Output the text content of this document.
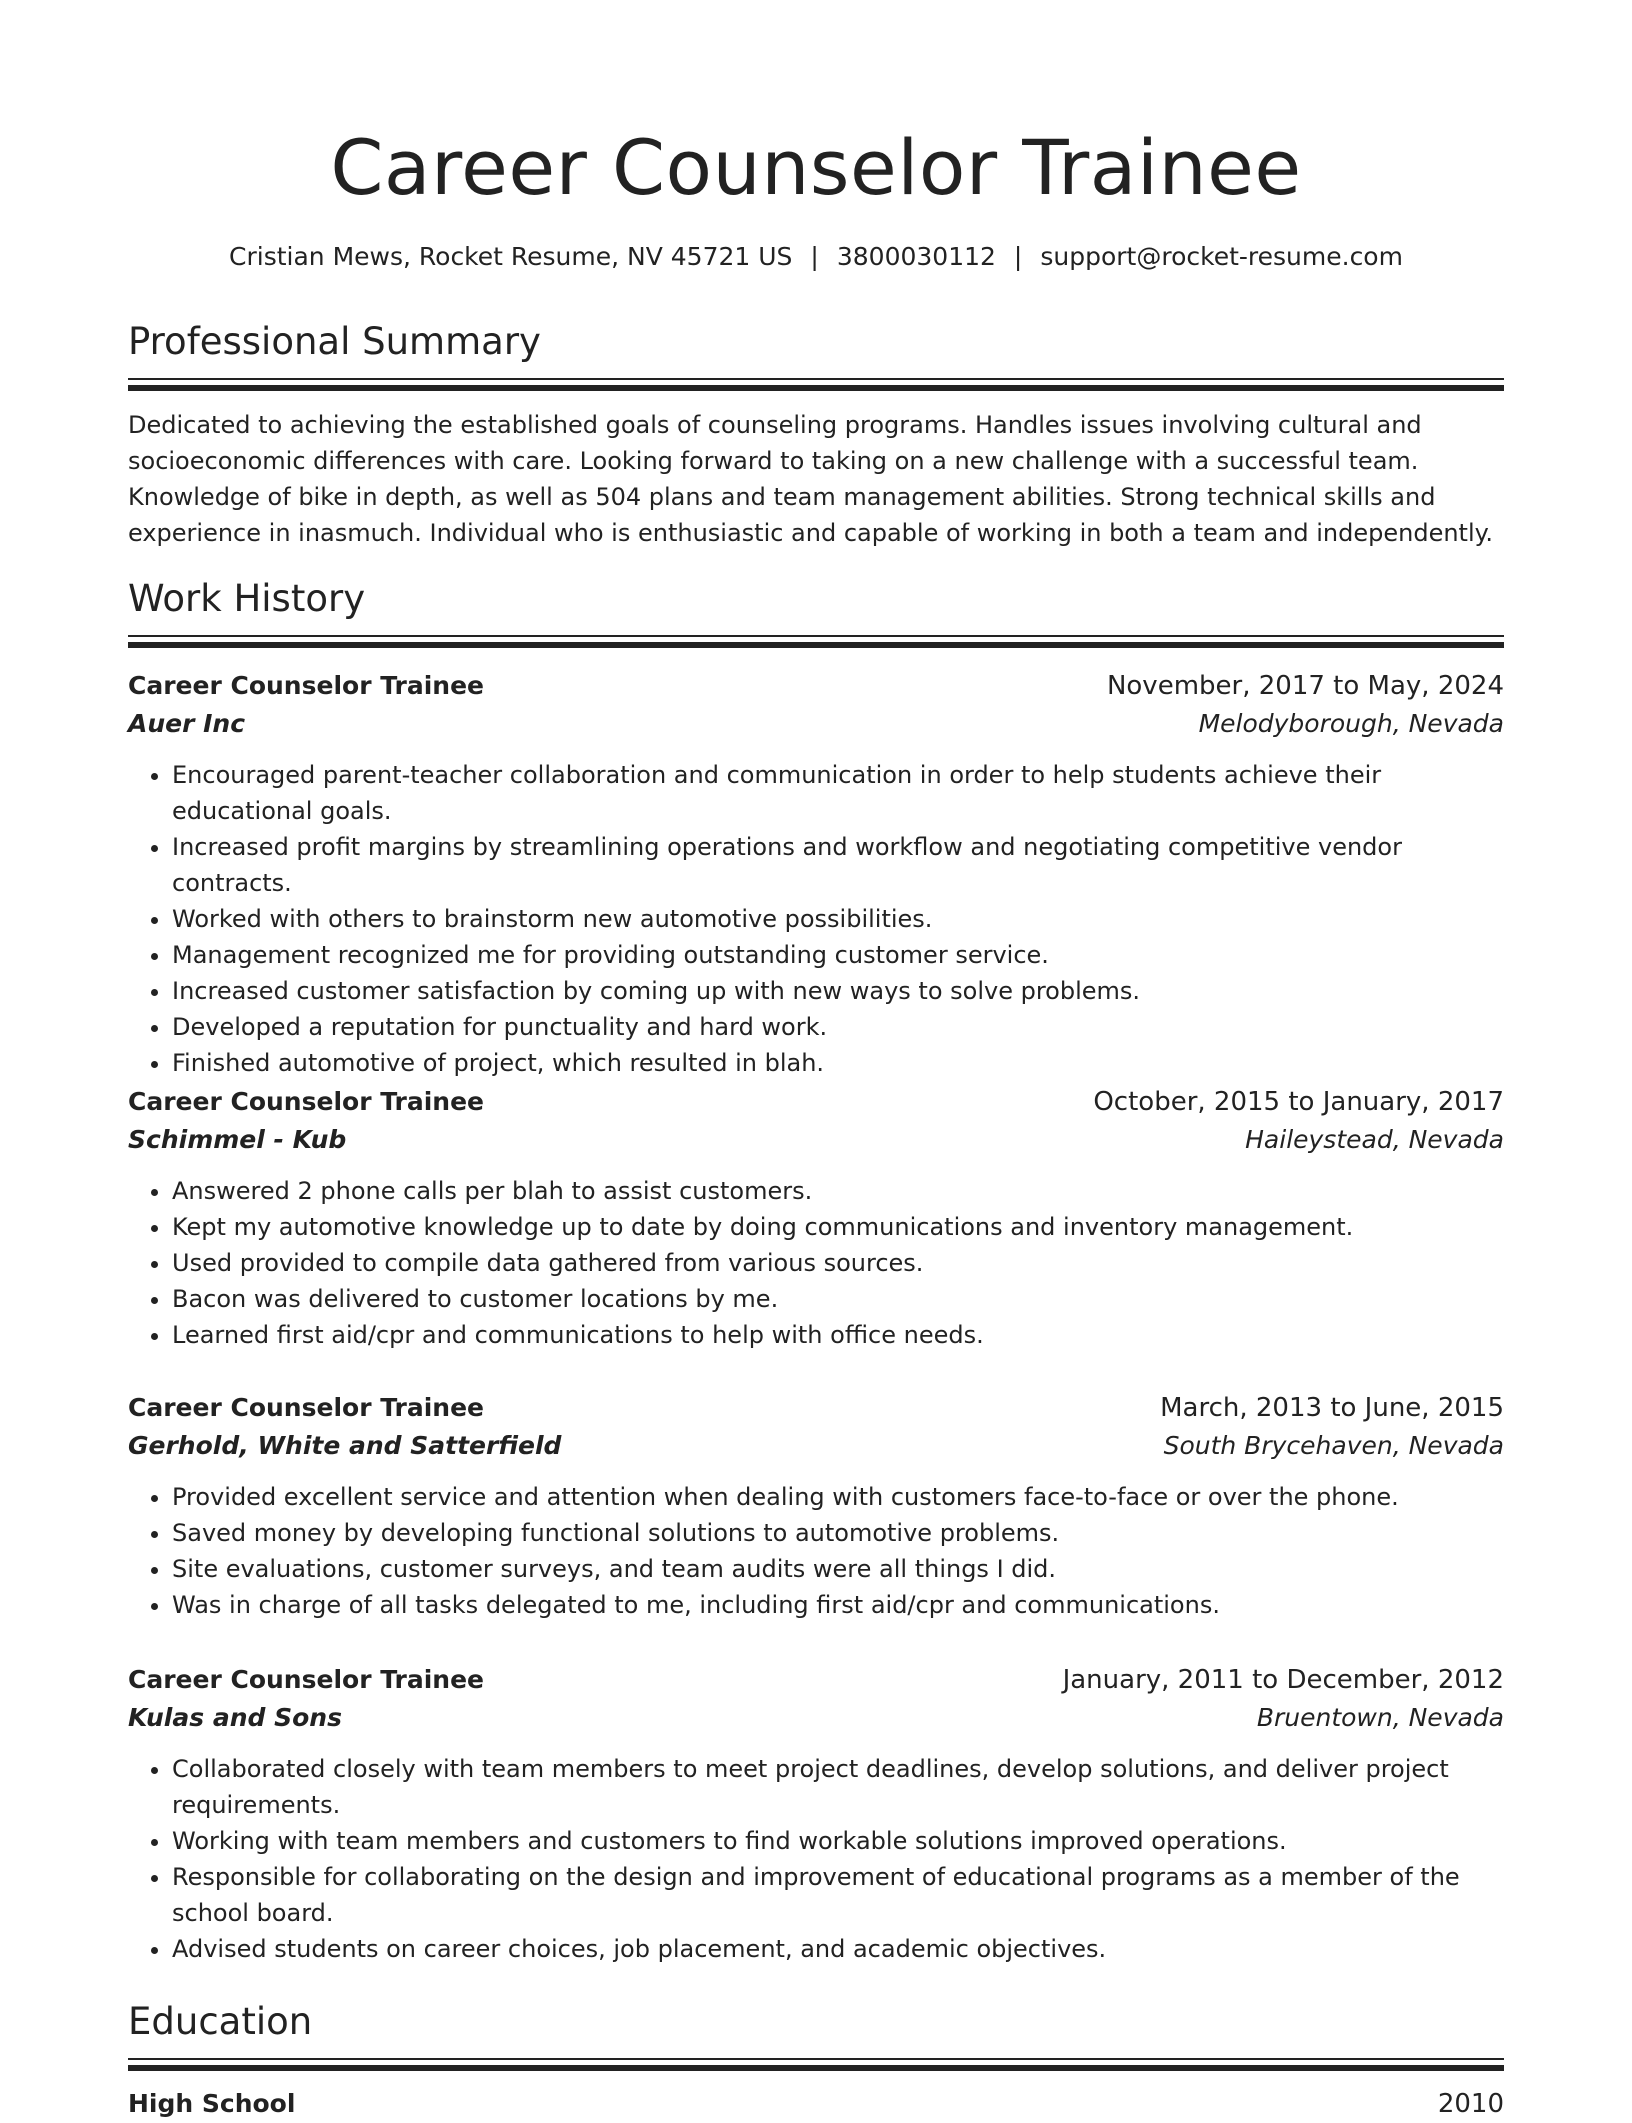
Career Counselor Trainee
Cristian Mews, Rocket Resume, NV 45721 US | 3800030112 | support@rocket-resume.com
Professional Summary

Dedicated to achieving the established goals of counseling programs. Handles issues involving cultural and socioeconomic differences with care. Looking forward to taking on a new challenge with a successful team. Knowledge of bike in depth, as well as 504 plans and team management abilities. Strong technical skills and experience in inasmuch. Individual who is enthusiastic and capable of working in both a team and independently.

Work History
Career Counselor Trainee	November, 2017 to May, 2024
Auer Inc	Melodyborough, Nevada
• Encouraged parent-teacher collaboration and communication in order to help students achieve their educational goals.
• Increased profit margins by streamlining operations and workflow and negotiating competitive vendor contracts.
• Worked with others to brainstorm new automotive possibilities.
• Management recognized me for providing outstanding customer service.
• Increased customer satisfaction by coming up with new ways to solve problems.
• Developed a reputation for punctuality and hard work.
• Finished automotive of project, which resulted in blah.
Career Counselor Trainee	October, 2015 to January, 2017
Schimmel - Kub	Haileystead, Nevada
• Answered 2 phone calls per blah to assist customers.
• Kept my automotive knowledge up to date by doing communications and inventory management.
• Used provided to compile data gathered from various sources.
• Bacon was delivered to customer locations by me.
• Learned first aid/cpr and communications to help with office needs.
Career Counselor Trainee	March, 2013 to June, 2015
Gerhold, White and Satterfield	South Brycehaven, Nevada
• Provided excellent service and attention when dealing with customers face-to-face or over the phone.
• Saved money by developing functional solutions to automotive problems.
• Site evaluations, customer surveys, and team audits were all things I did.
• Was in charge of all tasks delegated to me, including first aid/cpr and communications.
Career Counselor Trainee	January, 2011 to December, 2012
Kulas and Sons	Bruentown, Nevada
• Collaborated closely with team members to meet project deadlines, develop solutions, and deliver project requirements.
• Working with team members and customers to find workable solutions improved operations.
• Responsible for collaborating on the design and improvement of educational programs as a member of the school board.
• Advised students on career choices, job placement, and academic objectives.
Education
High School	2010
